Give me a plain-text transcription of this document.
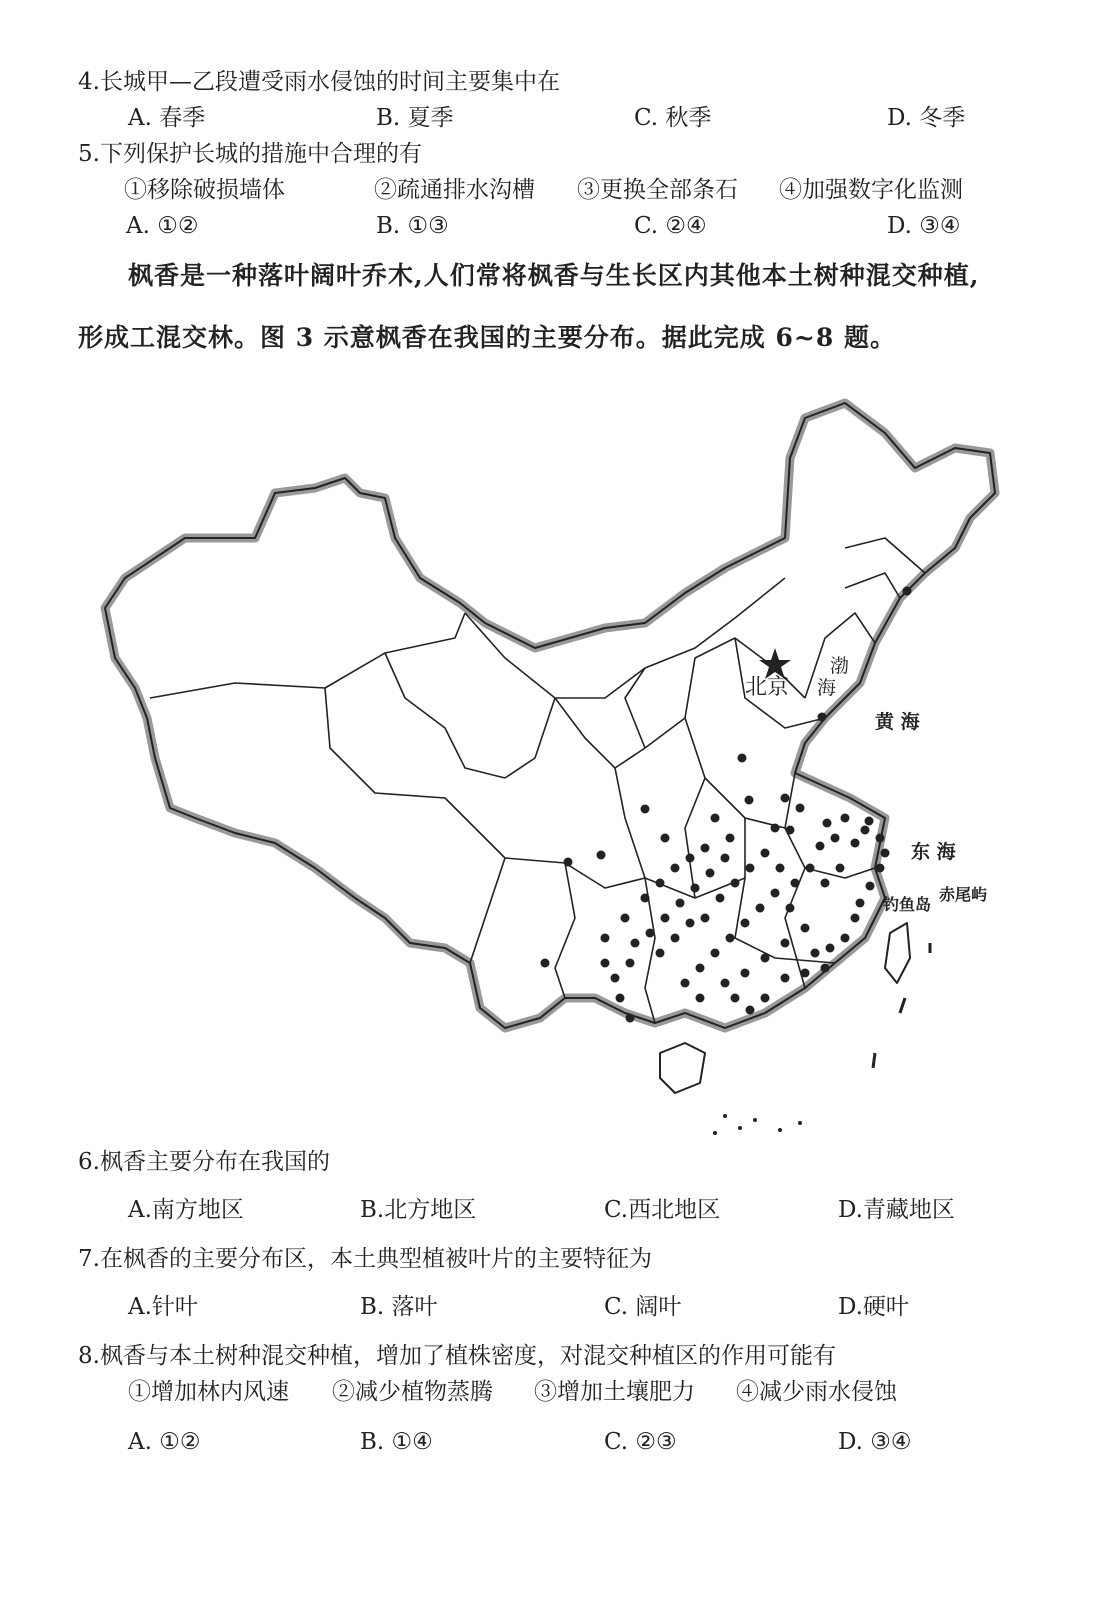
4.长城甲—乙段遭受雨水侵蚀的时间主要集中在
A. 春季	B. 夏季	C. 秋季	D. 冬季
5.下列保护长城的措施中合理的有
①移除破损墙体	②疏通排水沟槽 ③更换全部条石 ④加强数字化监测
A. ①②	B. ①③	C. ②④	D. ③④
枫香是一种落叶阔叶乔木,人们常将枫香与生长区内其他本土树种混交种植,
形成工混交林。图 3 示意枫香在我国的主要分布。据此完成 6~8 题。
北京
渤
海
黄 海
东 海
钓鱼岛
赤尾屿
6.枫香主要分布在我国的
A.南方地区	B.北方地区	C.西北地区	D.青藏地区
7.在枫香的主要分布区，本土典型植被叶片的主要特征为
A.针叶	B. 落叶	C. 阔叶	D.硬叶
8.枫香与本土树种混交种植，增加了植株密度，对混交种植区的作用可能有
①增加林内风速 ②减少植物蒸腾 ③增加土壤肥力 ④减少雨水侵蚀
A. ①②	B. ①④	C. ②③	D. ③④
